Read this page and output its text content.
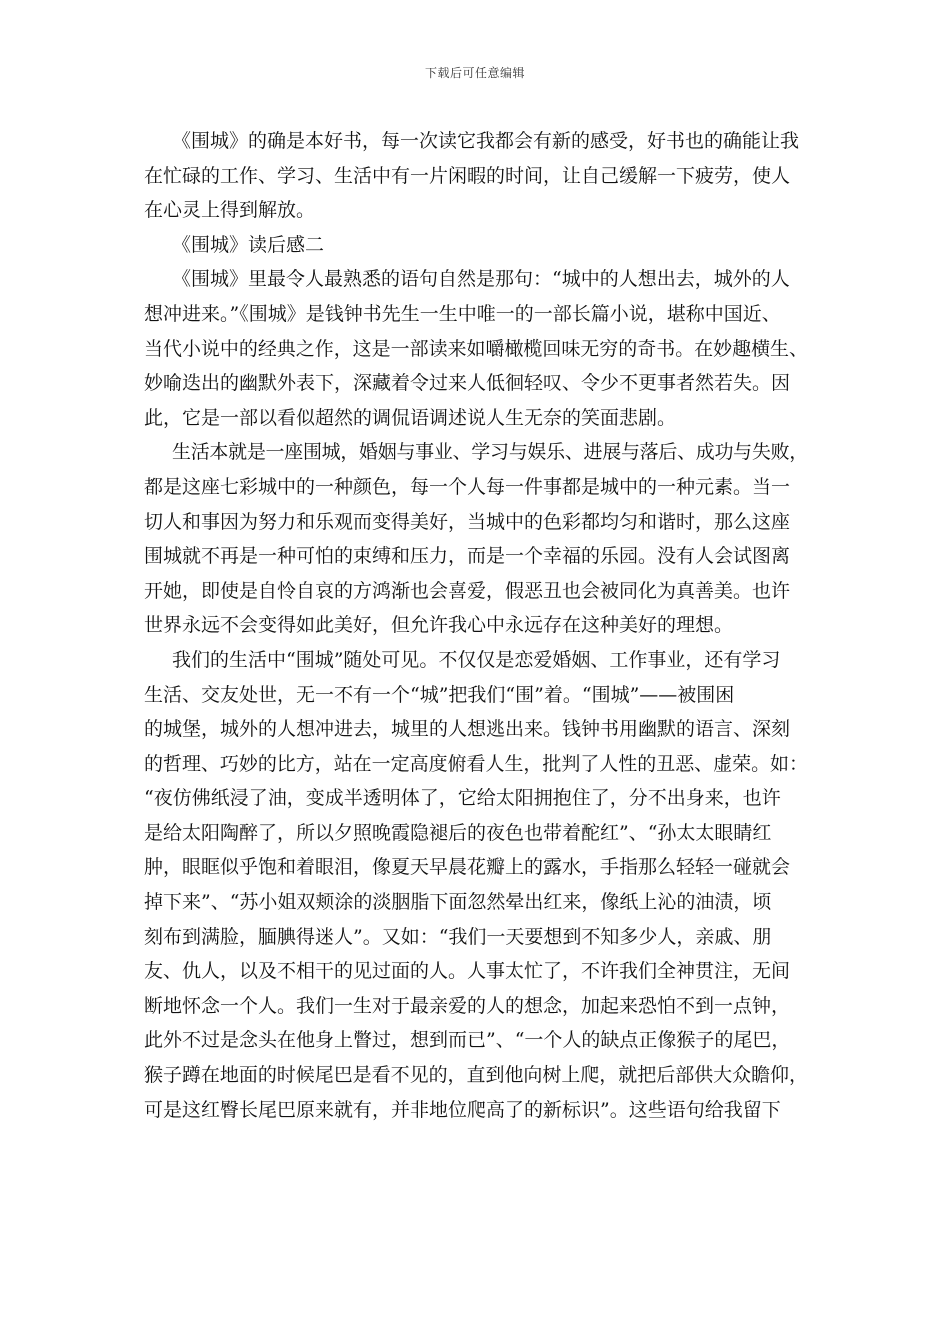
下载后可任意编辑
《围城》的确是本好书，每一次读它我都会有新的感受，好书也的确能让我
在忙碌的工作、学习、生活中有一片闲暇的时间，让自己缓解一下疲劳，使人
在心灵上得到解放。
《围城》读后感二
《围城》里最令人最熟悉的语句自然是那句：“城中的人想出去，城外的人
想冲进来。”《围城》是钱钟书先生一生中唯一的一部长篇小说，堪称中国近、
当代小说中的经典之作，这是一部读来如嚼橄榄回味无穷的奇书。在妙趣横生、
妙喻迭出的幽默外表下，深藏着令过来人低徊轻叹、令少不更事者然若失。因
此，它是一部以看似超然的调侃语调述说人生无奈的笑面悲剧。
生活本就是一座围城，婚姻与事业、学习与娱乐、进展与落后、成功与失败，
都是这座七彩城中的一种颜色，每一个人每一件事都是城中的一种元素。当一
切人和事因为努力和乐观而变得美好，当城中的色彩都均匀和谐时，那么这座
围城就不再是一种可怕的束缚和压力，而是一个幸福的乐园。没有人会试图离
开她，即使是自怜自哀的方鸿渐也会喜爱，假恶丑也会被同化为真善美。也许
世界永远不会变得如此美好，但允许我心中永远存在这种美好的理想。
我们的生活中“围城”随处可见。不仅仅是恋爱婚姻、工作事业，还有学习
生活、交友处世，无一不有一个“城”把我们“围”着。“围城”——被围困
的城堡，城外的人想冲进去，城里的人想逃出来。钱钟书用幽默的语言、深刻
的哲理、巧妙的比方，站在一定高度俯看人生，批判了人性的丑恶、虚荣。如：
“夜仿佛纸浸了油，变成半透明体了，它给太阳拥抱住了，分不出身来，也许
是给太阳陶醉了，所以夕照晚霞隐褪后的夜色也带着酡红”、“孙太太眼睛红
肿，眼眶似乎饱和着眼泪，像夏天早晨花瓣上的露水，手指那么轻轻一碰就会
掉下来”、“苏小姐双颊涂的淡胭脂下面忽然晕出红来，像纸上沁的油渍，顷
刻布到满脸，腼腆得迷人”。又如：“我们一天要想到不知多少人，亲戚、朋
友、仇人，以及不相干的见过面的人。人事太忙了，不许我们全神贯注，无间
断地怀念一个人。我们一生对于最亲爱的人的想念，加起来恐怕不到一点钟，
此外不过是念头在他身上瞥过，想到而已”、“一个人的缺点正像猴子的尾巴，
猴子蹲在地面的时候尾巴是看不见的，直到他向树上爬，就把后部供大众瞻仰，
可是这红臀长尾巴原来就有，并非地位爬高了的新标识”。这些语句给我留下
